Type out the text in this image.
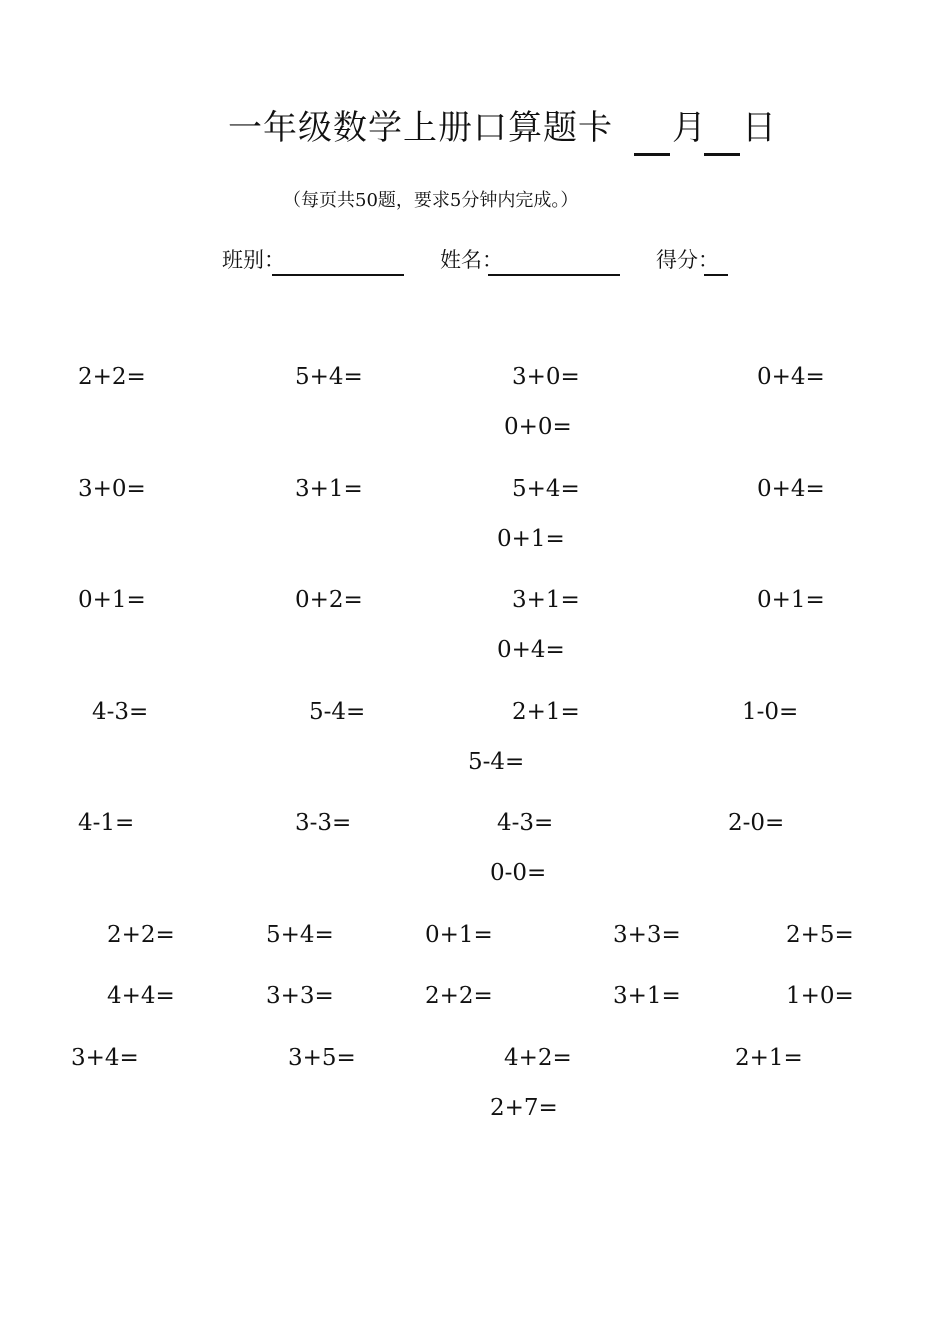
一年级数学上册口算题卡 月 日
（每页共50题，要求5分钟内完成。）
班别：	姓名：	得分：
2+2=	5+4=	3+0=	0+4=
0+0=
3+0=	3+1=	5+4=	0+4=
0+1=
0+1=	0+2=	3+1=	0+1=
0+4=
4-3=	5-4=	2+1=	1-0=
5-4=
4-1=	3-3=	4-3=	2-0=
0-0=
2+2=	5+4=	0+1=	3+3=	2+5=
4+4=	3+3=	2+2=	3+1=	1+0=
3+4=	3+5=	4+2=	2+1=
2+7=
